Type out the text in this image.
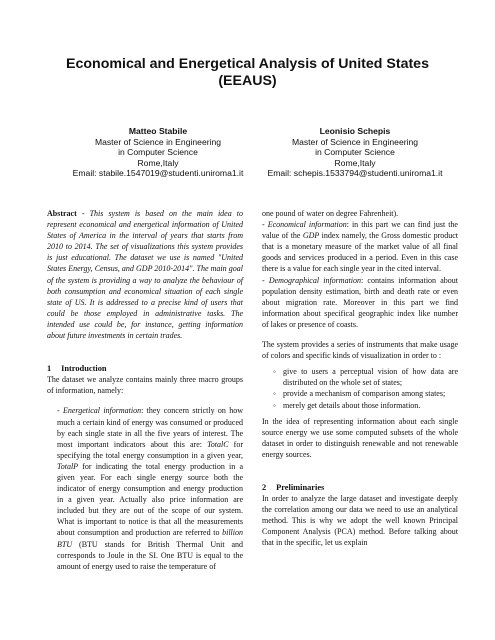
Economical and Energetical Analysis of United States (EEAUS)
Matteo Stabile
Master of Science in Engineering
in Computer Science
Rome,Italy
Email: stabile.1547019@studenti.uniroma1.it
Leonisio Schepis
Master of Science in Engineering
in Computer Science
Rome,Italy
Email: schepis.1533794@studenti.uniroma1.it

Abstract - This system is based on the main idea to represent economical and energetical information of United States of America in the interval of years that starts from 2010 to 2014. The set of visualizations this system provides is just educational. The dataset we use is named "United States Energy, Census, and GDP 2010-2014". The main goal of the system is providing a way to analyze the behaviour of both consumption and economical situation of each single state of US. It is addressed to a precise kind of users that could be those employed in administrative tasks. The intended use could be, for instance, getting information about future investments in certain trades.

1 Introduction

The dataset we analyze contains mainly three macro groups of information, namely:

- Energetical information: they concern strictly on how much a certain kind of energy was consumed or produced by each single state in all the five years of interest. The most important indicators about this are: TotalC for specifying the total energy consumption in a given year, TotalP for indicating the total energy production in a given year. For each single energy source both the indicator of energy consumption and energy production in a given year. Actually also price information are included but they are out of the scope of our system. What is important to notice is that all the measurements about consumption and production are referred to billion BTU (BTU stands for British Thermal Unit and corresponds to Joule in the SI. One BTU is equal to the amount of energy used to raise the temperature of

one pound of water on degree Fahrenheit).

- Economical information: in this part we can find just the value of the GDP index namely, the Gross domestic product that is a monetary measure of the market value of all final goods and services produced in a period. Even in this case there is a value for each single year in the cited interval.

- Demographical information: contains information about population density estimation, birth and death rate or even about migration rate. Moreover in this part we find information about specifical geographic index like number of lakes or presence of coasts.

The system provides a series of instruments that make usage of colors and specific kinds of visualization in order to :

◦ give to users a perceptual vision of how data are distributed on the whole set of states;
◦ provide a mechanism of comparison among states;
◦ merely get details about those information.

In the idea of representing information about each single source energy we use some computed subsets of the whole dataset in order to distinguish renewable and not renewable energy sources.

2 Preliminaries

In order to analyze the large dataset and investigate deeply the correlation among our data we need to use an analytical method. This is why we adopt the well known Principal Component Analysis (PCA) method. Before talking about that in the specific, let us explain
